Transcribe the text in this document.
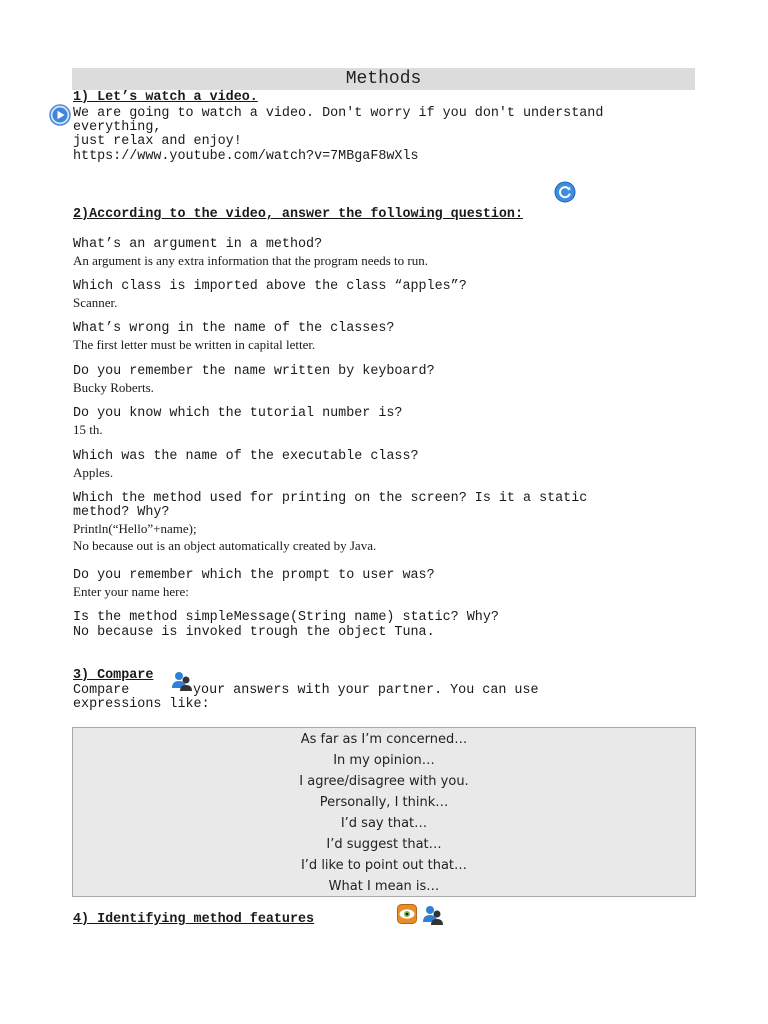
Methods
1) Let’s watch a video.
We are going to watch a video. Don't worry if you don't understand
everything,
just relax and enjoy!
https://www.youtube.com/watch?v=7MBgaF8wXls
2)According to the video, answer the following question:
What’s an argument in a method?
An argument is any extra information that the program needs to run.
Which class is imported above the class “apples”?
Scanner.
What’s wrong in the name of the classes?
The first letter must be written in capital letter.
Do you remember the name written by keyboard?
Bucky Roberts.
Do you know which the tutorial number is?
15 th.
Which was the name of the executable class?
Apples.
Which the method used for printing on the screen? Is it a static
method? Why?
Println(“Hello”+name);
No because out is an object automatically created by Java.
Do you remember which the prompt to user was?
Enter your name here:
Is the method simpleMessage(String name) static? Why?
No because is invoked trough the object Tuna.
3) Compare
Compare	your answers with your partner. You can use
expressions like:
As far as I’m concerned…
In my opinion…
I agree/disagree with you.
Personally, I think…
I’d say that…
I’d suggest that…
I’d like to point out that…
What I mean is…
4) Identifying method features
